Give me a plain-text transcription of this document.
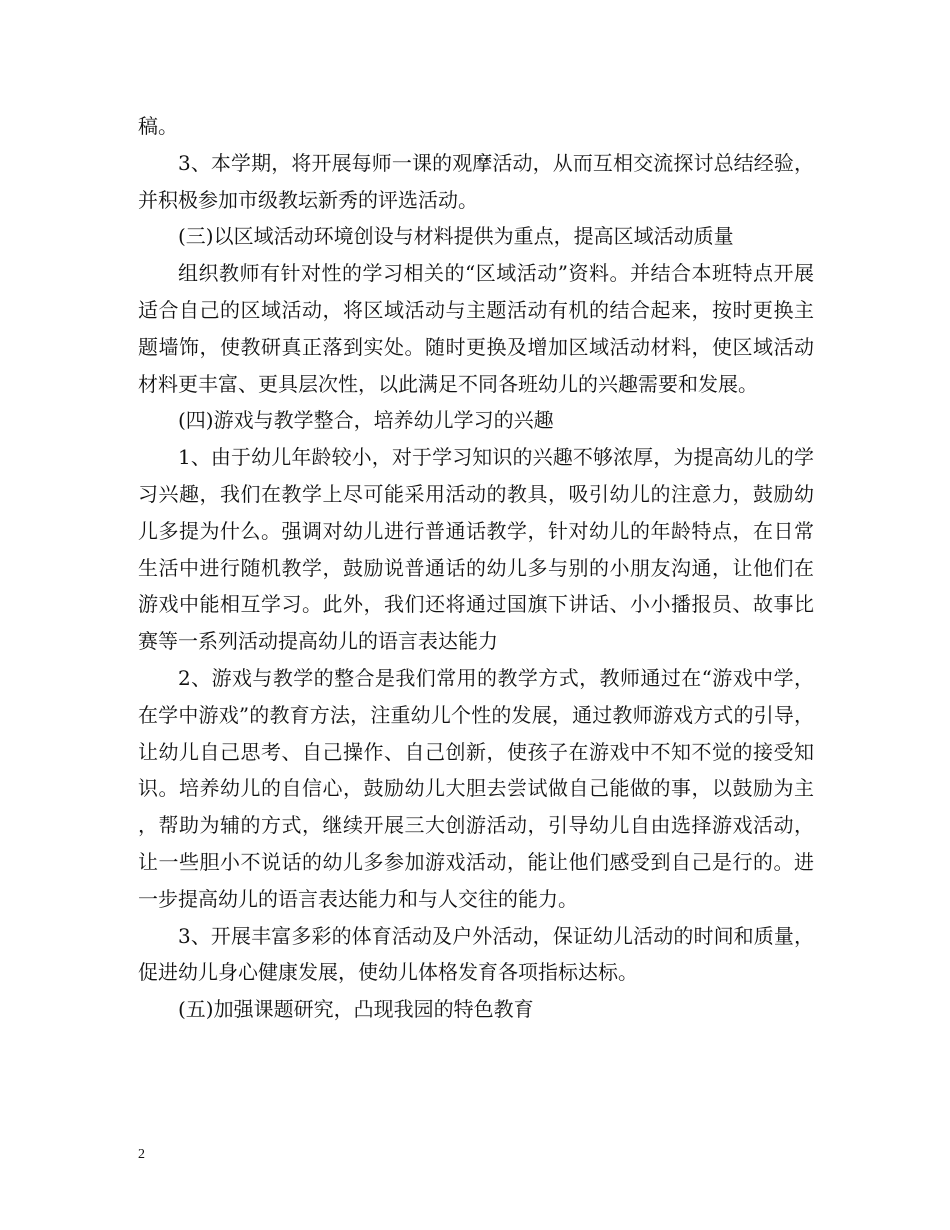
稿。

3、本学期，将开展每师一课的观摩活动，从而互相交流探讨总结经验，并积极参加市级教坛新秀的评选活动。

(三)以区域活动环境创设与材料提供为重点，提高区域活动质量

组织教师有针对性的学习相关的“区域活动”资料。并结合本班特点开展适合自己的区域活动，将区域活动与主题活动有机的结合起来，按时更换主题墙饰，使教研真正落到实处。随时更换及增加区域活动材料，使区域活动材料更丰富、更具层次性，以此满足不同各班幼儿的兴趣需要和发展。

(四)游戏与教学整合，培养幼儿学习的兴趣

1、由于幼儿年龄较小，对于学习知识的兴趣不够浓厚，为提高幼儿的学习兴趣，我们在教学上尽可能采用活动的教具，吸引幼儿的注意力，鼓励幼儿多提为什么。强调对幼儿进行普通话教学，针对幼儿的年龄特点，在日常生活中进行随机教学，鼓励说普通话的幼儿多与别的小朋友沟通，让他们在游戏中能相互学习。此外，我们还将通过国旗下讲话、小小播报员、故事比赛等一系列活动提高幼儿的语言表达能力

2、游戏与教学的整合是我们常用的教学方式，教师通过在“游戏中学，在学中游戏”的教育方法，注重幼儿个性的发展，通过教师游戏方式的引导，让幼儿自己思考、自己操作、自己创新，使孩子在游戏中不知不觉的接受知识。培养幼儿的自信心，鼓励幼儿大胆去尝试做自己能做的事，以鼓励为主，帮助为辅的方式，继续开展三大创游活动，引导幼儿自由选择游戏活动，让一些胆小不说话的幼儿多参加游戏活动，能让他们感受到自己是行的。进一步提高幼儿的语言表达能力和与人交往的能力。

3、开展丰富多彩的体育活动及户外活动，保证幼儿活动的时间和质量，促进幼儿身心健康发展，使幼儿体格发育各项指标达标。

(五)加强课题研究，凸现我园的特色教育

2
